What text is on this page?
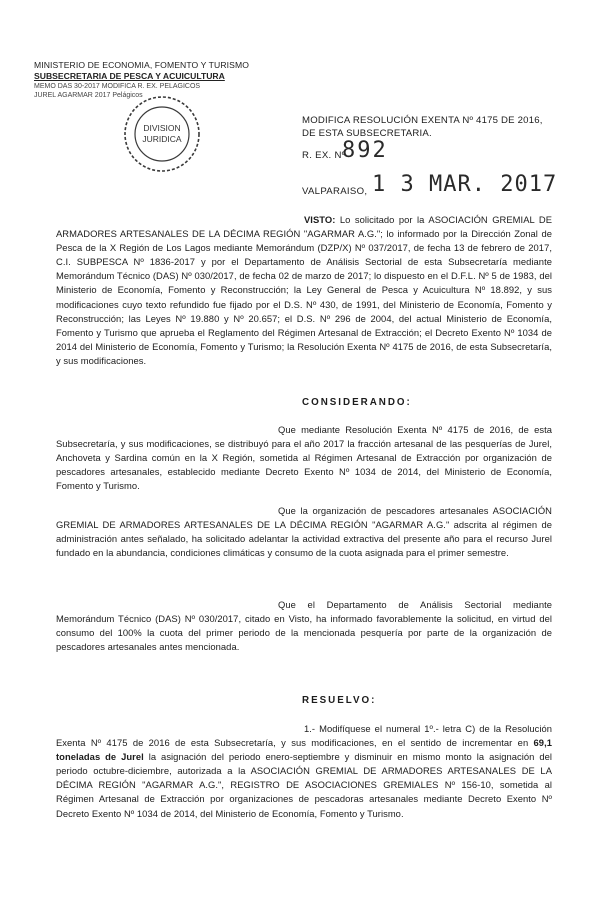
MINISTERIO DE ECONOMIA, FOMENTO Y TURISMO
SUBSECRETARIA DE PESCA Y ACUICULTURA
MEMO DAS 30-2017 MODIFICA R. EX. PELAGICOS
JUREL AGARMAR 2017 Pelágicos
DIVISION
JURIDICA
MODIFICA RESOLUCIÓN EXENTA Nº 4175 DE 2016,
DE ESTA SUBSECRETARIA.
R. EX. Nº
892
VALPARAISO, 1 3 MAR. 2017
VISTO: Lo solicitado por la ASOCIACIÓN GREMIAL DE ARMADORES ARTESANALES DE LA DÉCIMA REGIÓN "AGARMAR A.G."; lo informado por la Dirección Zonal de Pesca de la X Región de Los Lagos mediante Memorándum (DZP/X) Nº 037/2017, de fecha 13 de febrero de 2017, C.I. SUBPESCA Nº 1836-2017 y por el Departamento de Análisis Sectorial de esta Subsecretaría mediante Memorándum Técnico (DAS) Nº 030/2017, de fecha 02 de marzo de 2017; lo dispuesto en el D.F.L. Nº 5 de 1983, del Ministerio de Economía, Fomento y Reconstrucción; la Ley General de Pesca y Acuicultura Nº 18.892, y sus modificaciones cuyo texto refundido fue fijado por el D.S. Nº 430, de 1991, del Ministerio de Economía, Fomento y Reconstrucción; las Leyes Nº 19.880 y Nº 20.657; el D.S. Nº 296 de 2004, del actual Ministerio de Economía, Fomento y Turismo que aprueba el Reglamento del Régimen Artesanal de Extracción; el Decreto Exento Nº 1034 de 2014 del Ministerio de Economía, Fomento y Turismo; la Resolución Exenta Nº 4175 de 2016, de esta Subsecretaría, y sus modificaciones.
CONSIDERANDO:
Que mediante Resolución Exenta Nº 4175 de 2016, de esta Subsecretaría, y sus modificaciones, se distribuyó para el año 2017 la fracción artesanal de las pesquerías de Jurel, Anchoveta y Sardina común en la X Región, sometida al Régimen Artesanal de Extracción por organización de pescadores artesanales, establecido mediante Decreto Exento Nº 1034 de 2014, del Ministerio de Economía, Fomento y Turismo.
Que la organización de pescadores artesanales ASOCIACIÓN GREMIAL DE ARMADORES ARTESANALES DE LA DÉCIMA REGIÓN "AGARMAR A.G." adscrita al régimen de administración antes señalado, ha solicitado adelantar la actividad extractiva del presente año para el recurso Jurel fundado en la abundancia, condiciones climáticas y consumo de la cuota asignada para el primer semestre.
Que el Departamento de Análisis Sectorial mediante Memorándum Técnico (DAS) Nº 030/2017, citado en Visto, ha informado favorablemente la solicitud, en virtud del consumo del 100% la cuota del primer periodo de la mencionada pesquería por parte de la organización de pescadores artesanales antes mencionada.
RESUELVO:
1.- Modifíquese el numeral 1º.- letra C) de la Resolución Exenta Nº 4175 de 2016 de esta Subsecretaría, y sus modificaciones, en el sentido de incrementar en 69,1 toneladas de Jurel la asignación del periodo enero-septiembre y disminuir en mismo monto la asignación del periodo octubre-diciembre, autorizada a la ASOCIACIÓN GREMIAL DE ARMADORES ARTESANALES DE LA DÉCIMA REGIÓN "AGARMAR A.G.", REGISTRO DE ASOCIACIONES GREMIALES Nº 156-10, sometida al Régimen Artesanal de Extracción por organizaciones de pescadoras artesanales mediante Decreto Exento Nº Decreto Exento Nº 1034 de 2014, del Ministerio de Economía, Fomento y Turismo.
